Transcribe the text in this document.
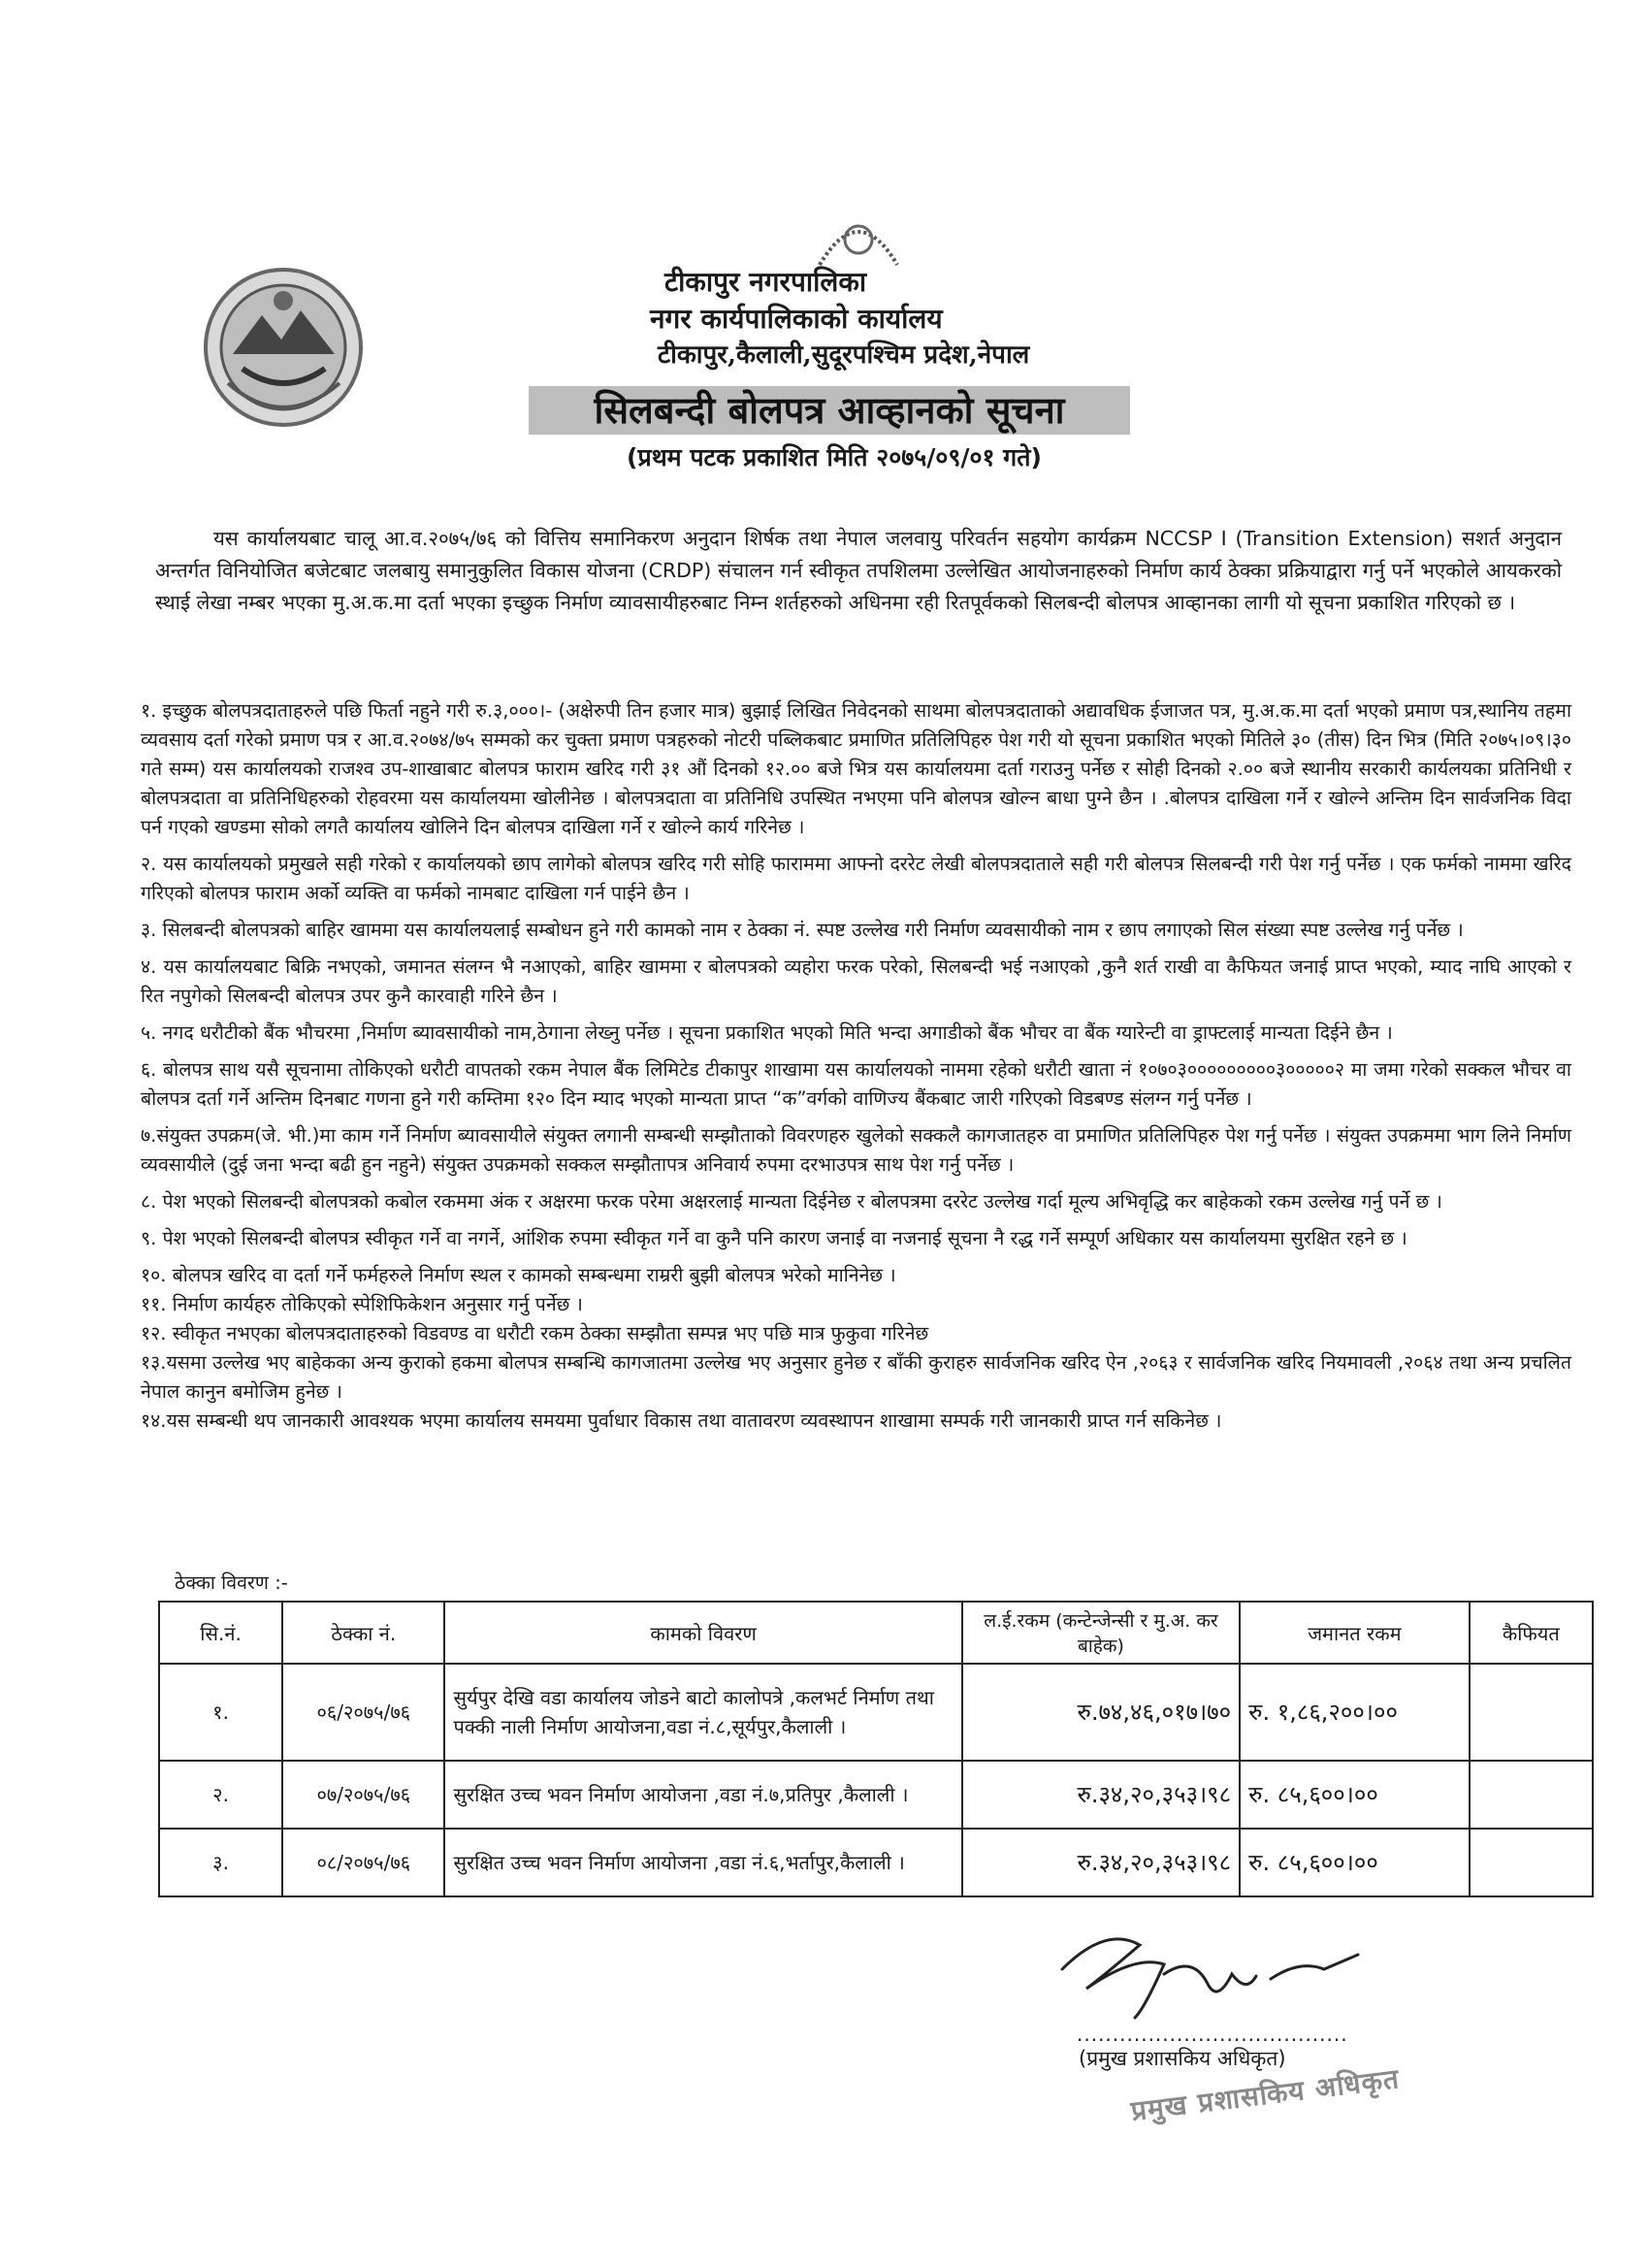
टीकापुर नगरपालिका
नगर कार्यपालिकाको कार्यालय
टीकापुर,कैलाली,सुदूरपश्चिम प्रदेश,नेपाल
सिलबन्दी बोलपत्र आव्हानको सूचना
(प्रथम पटक प्रकाशित मिति २०७५/०९/०१ गते)

यस कार्यालयबाट चालू आ.व.२०७५/७६ को वित्तिय समानिकरण अनुदान शिर्षक तथा नेपाल जलवायु परिवर्तन सहयोग कार्यक्रम NCCSP I (Transition Extension) सशर्त अनुदान अन्तर्गत विनियोजित बजेटबाट जलबायु समानुकुलित विकास योजना (CRDP) संचालन गर्न स्वीकृत तपशिलमा उल्लेखित आयोजनाहरुको निर्माण कार्य ठेक्का प्रक्रियाद्वारा गर्नु पर्ने भएकोले आयकरको स्थाई लेखा नम्बर भएका मु.अ.क.मा दर्ता भएका इच्छुक निर्माण व्यावसायीहरुबाट निम्न शर्तहरुको अधिनमा रही रितपूर्वकको सिलबन्दी बोलपत्र आव्हानका लागी यो सूचना प्रकाशित गरिएको छ ।

१. इच्छुक बोलपत्रदाताहरुले पछि फिर्ता नहुने गरी रु.३,०००।- (अक्षेरुपी तिन हजार मात्र) बुझाई लिखित निवेदनको साथमा बोलपत्रदाताको अद्यावधिक ईजाजत पत्र, मु.अ.क.मा दर्ता भएको प्रमाण पत्र,स्थानिय तहमा व्यवसाय दर्ता गरेको प्रमाण पत्र र आ.व.२०७४/७५ सम्मको कर चुक्ता प्रमाण पत्रहरुको नोटरी पब्लिकबाट प्रमाणित प्रतिलिपिहरु पेश गरी यो सूचना प्रकाशित भएको मितिले ३० (तीस) दिन भित्र (मिति २०७५।०९।३० गते सम्म) यस कार्यालयको राजश्व उप-शाखाबाट बोलपत्र फाराम खरिद गरी ३१ औं दिनको १२.०० बजे भित्र यस कार्यालयमा दर्ता गराउनु पर्नेछ र सोही दिनको २.०० बजे स्थानीय सरकारी कार्यलयका प्रतिनिधी र बोलपत्रदाता वा प्रतिनिधिहरुको रोहवरमा यस कार्यालयमा खोलीनेछ । बोलपत्रदाता वा प्रतिनिधि उपस्थित नभएमा पनि बोलपत्र खोल्न बाधा पुग्ने छैन । .बोलपत्र दाखिला गर्ने र खोल्ने अन्तिम दिन सार्वजनिक विदा पर्न गएको खण्डमा सोको लगतै कार्यालय खोलिने दिन बोलपत्र दाखिला गर्ने र खोल्ने कार्य गरिनेछ ।

२. यस कार्यालयको प्रमुखले सही गरेको र कार्यालयको छाप लागेको बोलपत्र खरिद गरी सोहि फाराममा आफ्नो दररेट लेखी बोलपत्रदाताले सही गरी बोलपत्र सिलबन्दी गरी पेश गर्नु पर्नेछ । एक फर्मको नाममा खरिद गरिएको बोलपत्र फाराम अर्को व्यक्ति वा फर्मको नामबाट दाखिला गर्न पाईने छैन ।

३. सिलबन्दी बोलपत्रको बाहिर खाममा यस कार्यालयलाई सम्बोधन हुने गरी कामको नाम र ठेक्का नं. स्पष्ट उल्लेख गरी निर्माण व्यवसायीको नाम र छाप लगाएको सिल संख्या स्पष्ट उल्लेख गर्नु पर्नेछ ।

४. यस कार्यालयबाट बिक्रि नभएको, जमानत संलग्न भै नआएको, बाहिर खाममा र बोलपत्रको व्यहोरा फरक परेको, सिलबन्दी भई नआएको ,कुनै शर्त राखी वा कैफियत जनाई प्राप्त भएको, म्याद नाघि आएको र रित नपुगेको सिलबन्दी बोलपत्र उपर कुनै कारवाही गरिने छैन ।

५. नगद धरौटीको बैंक भौचरमा ,निर्माण ब्यावसायीको नाम,ठेगाना लेख्नु पर्नेछ । सूचना प्रकाशित भएको मिति भन्दा अगाडीको बैंक भौचर वा बैंक ग्यारेन्टी वा ड्राफ्टलाई मान्यता दिईने छैन ।

६. बोलपत्र साथ यसै सूचनामा तोकिएको धरौटी वापतको रकम नेपाल बैंक लिमिटेड टीकापुर शाखामा यस कार्यालयको नाममा रहेको धरौटी खाता नं १०७०३०००००००००३०००००२ मा जमा गरेको सक्कल भौचर वा बोलपत्र दर्ता गर्ने अन्तिम दिनबाट गणना हुने गरी कम्तिमा १२० दिन म्याद भएको मान्यता प्राप्त “क”वर्गको वाणिज्य बैंकबाट जारी गरिएको विडबण्ड संलग्न गर्नु पर्नेछ ।

७.संयुक्त उपक्रम(जे. भी.)मा काम गर्ने निर्माण ब्यावसायीले संयुक्त लगानी सम्बन्धी सम्झौताको विवरणहरु खुलेको सक्कलै कागजातहरु वा प्रमाणित प्रतिलिपिहरु पेश गर्नु पर्नेछ । संयुक्त उपक्रममा भाग लिने निर्माण व्यवसायीले (दुई जना भन्दा बढी हुन नहुने) संयुक्त उपक्रमको सक्कल सम्झौतापत्र अनिवार्य रुपमा दरभाउपत्र साथ पेश गर्नु पर्नेछ ।

८. पेश भएको सिलबन्दी बोलपत्रको कबोल रकममा अंक र अक्षरमा फरक परेमा अक्षरलाई मान्यता दिईनेछ र बोलपत्रमा दररेट उल्लेख गर्दा मूल्य अभिवृद्धि कर बाहेकको रकम उल्लेख गर्नु पर्ने छ ।

९. पेश भएको सिलबन्दी बोलपत्र स्वीकृत गर्ने वा नगर्ने, आंशिक रुपमा स्वीकृत गर्ने वा कुनै पनि कारण जनाई वा नजनाई सूचना नै रद्ध गर्ने सम्पूर्ण अधिकार यस कार्यालयमा सुरक्षित रहने छ ।

१०. बोलपत्र खरिद वा दर्ता गर्ने फर्महरुले निर्माण स्थल र कामको सम्बन्धमा राम्ररी बुझी बोलपत्र भरेको मानिनेछ ।

११. निर्माण कार्यहरु तोकिएको स्पेशिफिकेशन अनुसार गर्नु पर्नेछ ।

१२. स्वीकृत नभएका बोलपत्रदाताहरुको विडवण्ड वा धरौटी रकम ठेक्का सम्झौता सम्पन्न भए पछि मात्र फुकुवा गरिनेछ

१३.यसमा उल्लेख भए बाहेकका अन्य कुराको हकमा बोलपत्र सम्बन्धि कागजातमा उल्लेख भए अनुसार हुनेछ र बाँकी कुराहरु सार्वजनिक खरिद ऐन ,२०६३ र सार्वजनिक खरिद नियमावली ,२०६४ तथा अन्य प्रचलित नेपाल कानुन बमोजिम हुनेछ ।

१४.यस सम्बन्धी थप जानकारी आवश्यक भएमा कार्यालय समयमा पुर्वाधार विकास तथा वातावरण व्यवस्थापन शाखामा सम्पर्क गरी जानकारी प्राप्त गर्न सकिनेछ ।

ठेक्का विवरण :-
सि.नं.	ठेक्का नं.	कामको विवरण	ल.ई.रकम (कन्टेन्जेन्सी र मु.अ. कर बाहेक)	जमानत रकम	कैफियत
१.	०६/२०७५/७६	सुर्यपुर देखि वडा कार्यालय जोडने बाटो कालोपत्रे ,कलभर्ट निर्माण तथा पक्की नाली निर्माण आयोजना,वडा नं.८,सूर्यपुर,कैलाली ।	रु.७४,४६,०१७।७०	रु. १,८६,२००।००	
२.	०७/२०७५/७६	सुरक्षित उच्च भवन निर्माण आयोजना ,वडा नं.७,प्रतिपुर ,कैलाली ।	रु.३४,२०,३५३।९८	रु. ८५,६००।००	
३.	०८/२०७५/७६	सुरक्षित उच्च भवन निर्माण आयोजना ,वडा नं.६,भर्तापुर,कैलाली ।	रु.३४,२०,३५३।९८	रु. ८५,६००।००	
......................................
(प्रमुख प्रशासकिय अधिकृत)
प्रमुख प्रशासकिय अधिकृत
